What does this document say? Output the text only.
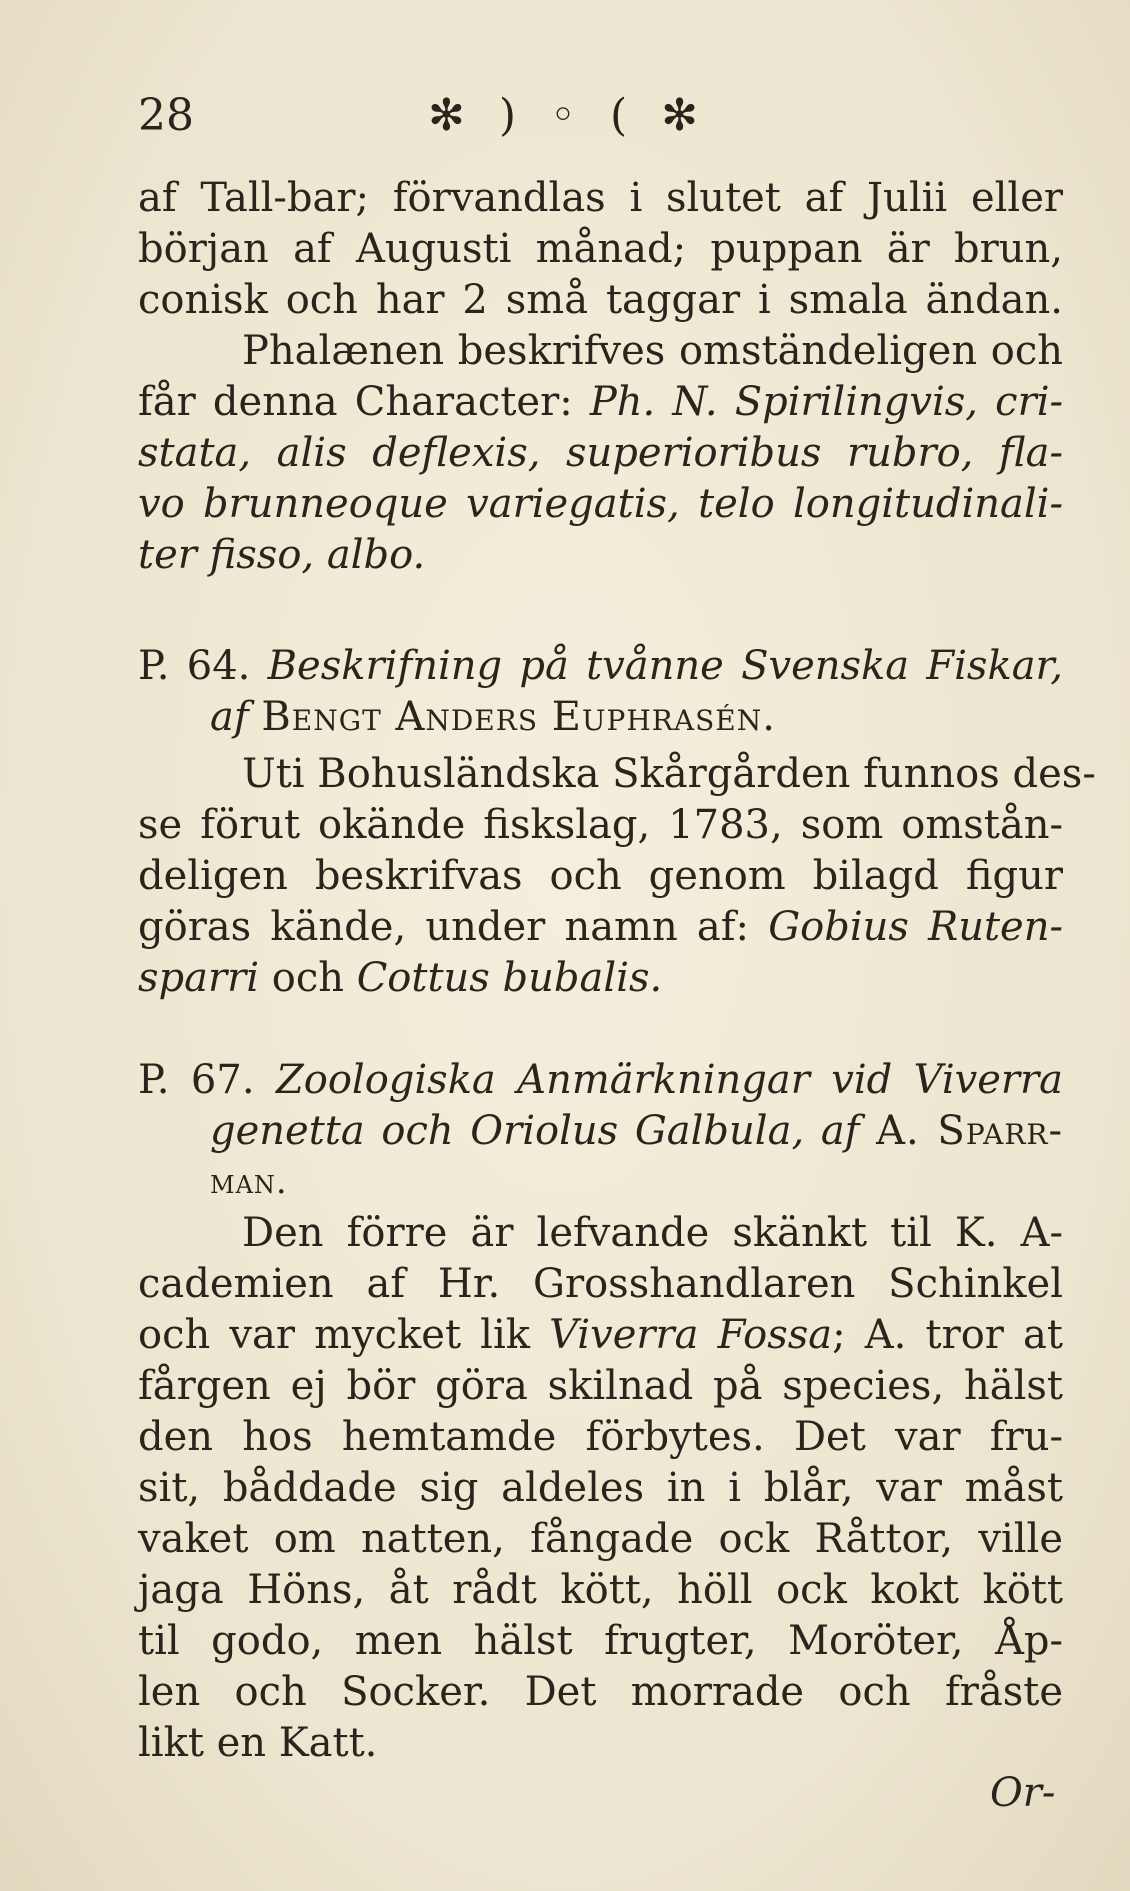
28	✻ ) ◦ ( ✻
af Tall-bar; förvandlas i slutet af Julii eller
början af Augusti månad; puppan är brun,
conisk och har 2 små taggar i smala ändan.
Phalænen beskrifves omständeligen och
får denna Character: Ph. N. Spirilingvis, cri-
stata, alis deflexis, superioribus rubro, fla-
vo brunneoque variegatis, telo longitudinali-
ter fisso, albo.
P. 64. Beskrifning på tvånne Svenska Fiskar,
af Bengt Anders Euphrasén.
Uti Bohusländska Skårgården funnos des-
se förut okände fiskslag, 1783, som omstån-
deligen beskrifvas och genom bilagd figur
göras kände, under namn af: Gobius Ruten-
sparri och Cottus bubalis.
P. 67. Zoologiska Anmärkningar vid Viverra
genetta och Oriolus Galbula, af A. Sparr-
man.
Den förre är lefvande skänkt til K. A-
cademien af Hr. Grosshandlaren Schinkel
och var mycket lik Viverra Fossa; A. tror at
fårgen ej bör göra skilnad på species, hälst
den hos hemtamde förbytes. Det var fru-
sit, båddade sig aldeles in i blår, var måst
vaket om natten, fångade ock Råttor, ville
jaga Höns, åt rådt kött, höll ock kokt kött
til godo, men hälst frugter, Moröter, Åp-
len och Socker. Det morrade och fråste
likt en Katt.
Or-
